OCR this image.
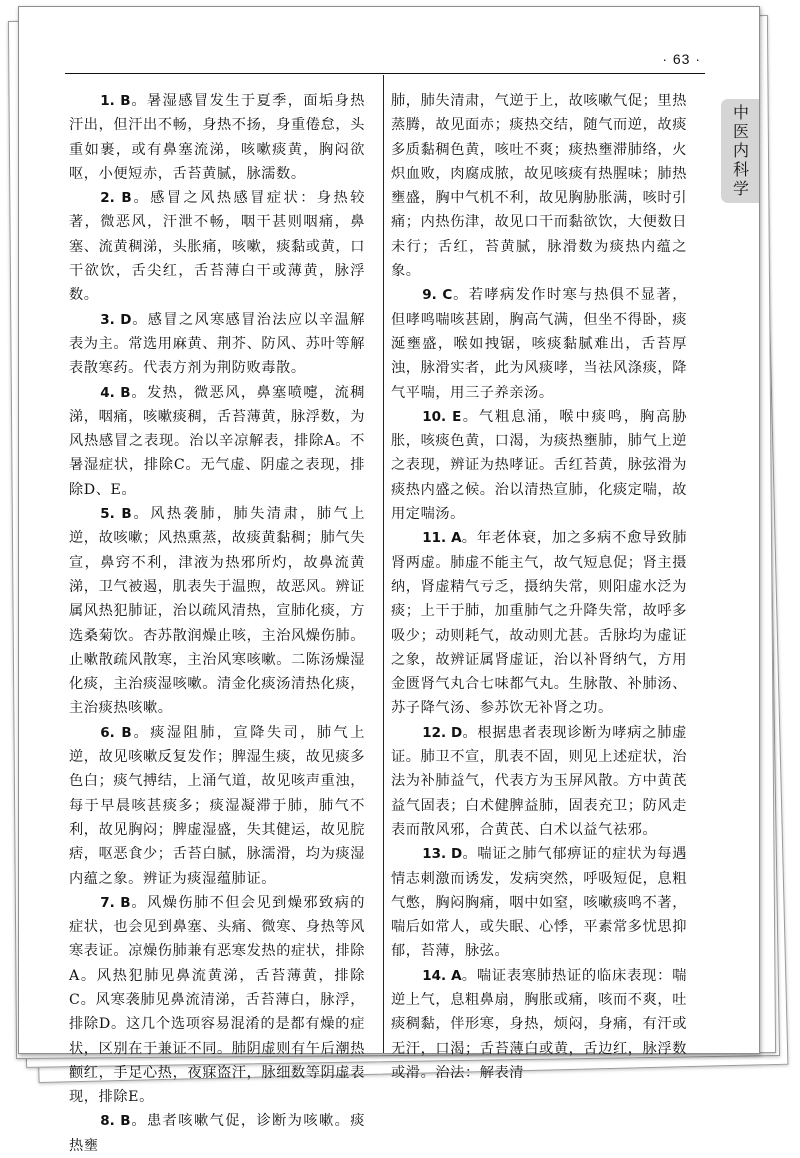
· 63 ·
中医内科学

1. B。暑湿感冒发生于夏季，面垢身热汗出，但汗出不畅，身热不扬，身重倦怠，头重如裹，或有鼻塞流涕，咳嗽痰黄，胸闷欲呕，小便短赤，舌苔黄腻，脉濡数。

2. B。感冒之风热感冒症状：身热较著，微恶风，汗泄不畅，咽干甚则咽痛，鼻塞、流黄稠涕，头胀痛，咳嗽，痰黏或黄，口干欲饮，舌尖红，舌苔薄白干或薄黄，脉浮数。

3. D。感冒之风寒感冒治法应以辛温解表为主。常选用麻黄、荆芥、防风、苏叶等解表散寒药。代表方剂为荆防败毒散。

4. B。发热，微恶风，鼻塞喷嚏，流稠涕，咽痛，咳嗽痰稠，舌苔薄黄，脉浮数，为风热感冒之表现。治以辛凉解表，排除A。不暑湿症状，排除C。无气虚、阴虚之表现，排除D、E。

5. B。风热袭肺，肺失清肃，肺气上逆，故咳嗽；风热熏蒸，故痰黄黏稠；肺气失宣，鼻窍不利，津液为热邪所灼，故鼻流黄涕，卫气被遏，肌表失于温煦，故恶风。辨证属风热犯肺证，治以疏风清热，宣肺化痰，方选桑菊饮。杏苏散润燥止咳，主治风燥伤肺。止嗽散疏风散寒，主治风寒咳嗽。二陈汤燥湿化痰，主治痰湿咳嗽。清金化痰汤清热化痰，主治痰热咳嗽。

6. B。痰湿阻肺，宣降失司，肺气上逆，故见咳嗽反复发作；脾湿生痰，故见痰多色白；痰气搏结，上涌气道，故见咳声重浊，每于早晨咳甚痰多；痰湿凝滞于肺，肺气不利，故见胸闷；脾虚湿盛，失其健运，故见脘痞，呕恶食少；舌苔白腻，脉濡滑，均为痰湿内蕴之象。辨证为痰湿蕴肺证。

7. B。风燥伤肺不但会见到燥邪致病的症状，也会见到鼻塞、头痛、微寒、身热等风寒表证。凉燥伤肺兼有恶寒发热的症状，排除A。风热犯肺见鼻流黄涕，舌苔薄黄，排除C。风寒袭肺见鼻流清涕，舌苔薄白，脉浮，排除D。这几个选项容易混淆的是都有燥的症状，区别在于兼证不同。肺阴虚则有午后潮热颧红，手足心热，夜寐盗汗，脉细数等阴虚表现，排除E。

8. B。患者咳嗽气促，诊断为咳嗽。痰热壅

肺，肺失清肃，气逆于上，故咳嗽气促；里热蒸腾，故见面赤；痰热交结，随气而逆，故痰多质黏稠色黄，咳吐不爽；痰热壅滞肺络，火炽血败，肉腐成脓，故见咳痰有热腥味；肺热壅盛，胸中气机不利，故见胸胁胀满，咳时引痛；内热伤津，故见口干而黏欲饮，大便数日未行；舌红，苔黄腻，脉滑数为痰热内蕴之象。

9. C。若哮病发作时寒与热俱不显著，但哮鸣喘咳甚剧，胸高气满，但坐不得卧，痰涎壅盛，喉如拽锯，咳痰黏腻难出，舌苔厚浊，脉滑实者，此为风痰哮，当祛风涤痰，降气平喘，用三子养亲汤。

10. E。气粗息涌，喉中痰鸣，胸高胁胀，咳痰色黄，口渴，为痰热壅肺，肺气上逆之表现，辨证为热哮证。舌红苔黄，脉弦滑为痰热内盛之候。治以清热宣肺，化痰定喘，故用定喘汤。

11. A。年老体衰，加之多病不愈导致肺肾两虚。肺虚不能主气，故气短息促；肾主摄纳，肾虚精气亏乏，摄纳失常，则阳虚水泛为痰；上干于肺，加重肺气之升降失常，故呼多吸少；动则耗气，故动则尤甚。舌脉均为虚证之象，故辨证属肾虚证，治以补肾纳气，方用金匮肾气丸合七味都气丸。生脉散、补肺汤、苏子降气汤、参苏饮无补肾之功。

12. D。根据患者表现诊断为哮病之肺虚证。肺卫不宣，肌表不固，则见上述症状，治法为补肺益气，代表方为玉屏风散。方中黄芪益气固表；白术健脾益肺，固表充卫；防风走表而散风邪，合黄芪、白术以益气祛邪。

13. D。喘证之肺气郁痹证的症状为每遇情志刺激而诱发，发病突然，呼吸短促，息粗气憋，胸闷胸痛，咽中如窒，咳嗽痰鸣不著，喘后如常人，或失眠、心悸，平素常多忧思抑郁，苔薄，脉弦。

14. A。喘证表寒肺热证的临床表现：喘逆上气，息粗鼻扇，胸胀或痛，咳而不爽，吐痰稠黏，伴形寒，身热，烦闷，身痛，有汗或无汗，口渴；舌苔薄白或黄，舌边红，脉浮数或滑。治法：解表清
